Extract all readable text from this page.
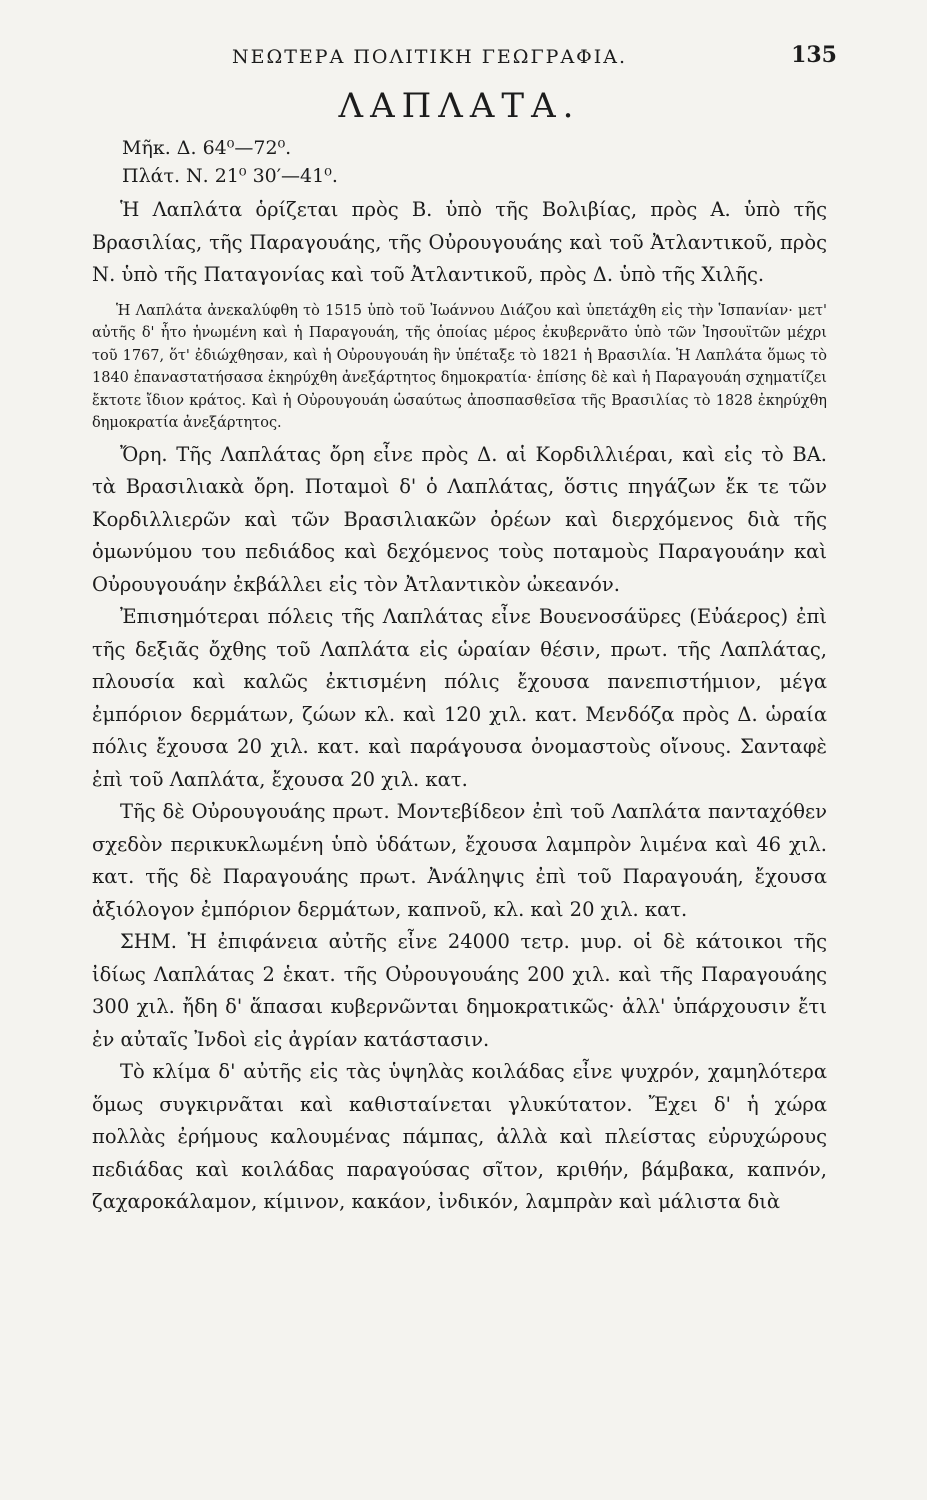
ΝΕΩΤΕΡΑ ΠΟΛΙΤΙΚΗ ΓΕΩΓΡΑΦΙΑ.	135
ΛΑΠΛΑΤΑ.
Μῆκ. Δ. 64⁰—72⁰.
Πλάτ. Ν. 21⁰ 30′—41⁰.

Ἡ Λαπλάτα ὁρίζεται πρὸς Β. ὑπὸ τῆς Βολιβίας, πρὸς Α. ὑπὸ τῆς Βρασιλίας, τῆς Παραγουάης, τῆς Οὐρουγουάης καὶ τοῦ Ἀτλαντικοῦ, πρὸς Ν. ὑπὸ τῆς Παταγονίας καὶ τοῦ Ἀτλαντικοῦ, πρὸς Δ. ὑπὸ τῆς Χιλῆς.

Ἡ Λαπλάτα ἀνεκαλύφθη τὸ 1515 ὑπὸ τοῦ Ἰωάννου Διάζου καὶ ὑπετάχθη εἰς τὴν Ἱσπανίαν· μετ' αὐτῆς δ' ἦτο ἡνωμένη καὶ ἡ Παραγουάη, τῆς ὁποίας μέρος ἐκυβερνᾶτο ὑπὸ τῶν Ἰησουϊτῶν μέχρι τοῦ 1767, ὅτ' ἐδιώχθησαν, καὶ ἡ Οὐρουγουάη ἣν ὑπέταξε τὸ 1821 ἡ Βρασιλία. Ἡ Λαπλάτα ὅμως τὸ 1840 ἐπαναστατήσασα ἐκηρύχθη ἀνεξάρτητος δημοκρατία· ἐπίσης δὲ καὶ ἡ Παραγουάη σχηματίζει ἔκτοτε ἴδιον κράτος. Καὶ ἡ Οὐρουγουάη ὡσαύτως ἀποσπασθεῖσα τῆς Βρασιλίας τὸ 1828 ἐκηρύχθη δημοκρατία ἀνεξάρτητος.

Ὄρη. Τῆς Λαπλάτας ὄρη εἶνε πρὸς Δ. αἱ Κορδιλλιέραι, καὶ εἰς τὸ ΒΑ. τὰ Βρασιλιακὰ ὄρη. Ποταμοὶ δ' ὁ Λαπλάτας, ὅστις πηγάζων ἔκ τε τῶν Κορδιλλιερῶν καὶ τῶν Βρασιλιακῶν ὀρέων καὶ διερχόμενος διὰ τῆς ὁμωνύμου του πεδιάδος καὶ δεχόμενος τοὺς ποταμοὺς Παραγουάην καὶ Οὐρουγουάην ἐκβάλλει εἰς τὸν Ἀτλαντικὸν ὠκεανόν.

Ἐπισημότεραι πόλεις τῆς Λαπλάτας εἶνε Βουενοσάϋρες (Εὐάερος) ἐπὶ τῆς δεξιᾶς ὄχθης τοῦ Λαπλάτα εἰς ὡραίαν θέσιν, πρωτ. τῆς Λαπλάτας, πλουσία καὶ καλῶς ἐκτισμένη πόλις ἔχουσα πανεπιστήμιον, μέγα ἐμπόριον δερμάτων, ζώων κλ. καὶ 120 χιλ. κατ. Μενδόζα πρὸς Δ. ὡραία πόλις ἔχουσα 20 χιλ. κατ. καὶ παράγουσα ὀνομαστοὺς οἴνους. Σανταφὲ ἐπὶ τοῦ Λαπλάτα, ἔχουσα 20 χιλ. κατ.

Τῆς δὲ Οὐρουγουάης πρωτ. Μοντεβίδεον ἐπὶ τοῦ Λαπλάτα πανταχόθεν σχεδὸν περικυκλωμένη ὑπὸ ὑδάτων, ἔχουσα λαμπρὸν λιμένα καὶ 46 χιλ. κατ. τῆς δὲ Παραγουάης πρωτ. Ἀνάληψις ἐπὶ τοῦ Παραγουάη, ἔχουσα ἀξιόλογον ἐμπόριον δερμάτων, καπνοῦ, κλ. καὶ 20 χιλ. κατ.

ΣΗΜ. Ἡ ἐπιφάνεια αὐτῆς εἶνε 24000 τετρ. μυρ. οἱ δὲ κάτοικοι τῆς ἰδίως Λαπλάτας 2 ἑκατ. τῆς Οὐρουγουάης 200 χιλ. καὶ τῆς Παραγουάης 300 χιλ. ἤδη δ' ἅπασαι κυβερνῶνται δημοκρατικῶς· ἀλλ' ὑπάρχουσιν ἔτι ἐν αὐταῖς Ἰνδοὶ εἰς ἀγρίαν κατάστασιν.

Τὸ κλίμα δ' αὐτῆς εἰς τὰς ὑψηλὰς κοιλάδας εἶνε ψυχρόν, χαμηλότερα ὅμως συγκιρνᾶται καὶ καθισταίνεται γλυκύτατον. Ἔχει δ' ἡ χώρα πολλὰς ἐρήμους καλουμένας πάμπας, ἀλλὰ καὶ πλείστας εὐρυχώρους πεδιάδας καὶ κοιλάδας παραγούσας σῖτον, κριθήν, βάμβακα, καπνόν, ζαχαροκάλαμον, κίμινον, κακάον, ἰνδικόν, λαμπρὰν καὶ μάλιστα διὰ
